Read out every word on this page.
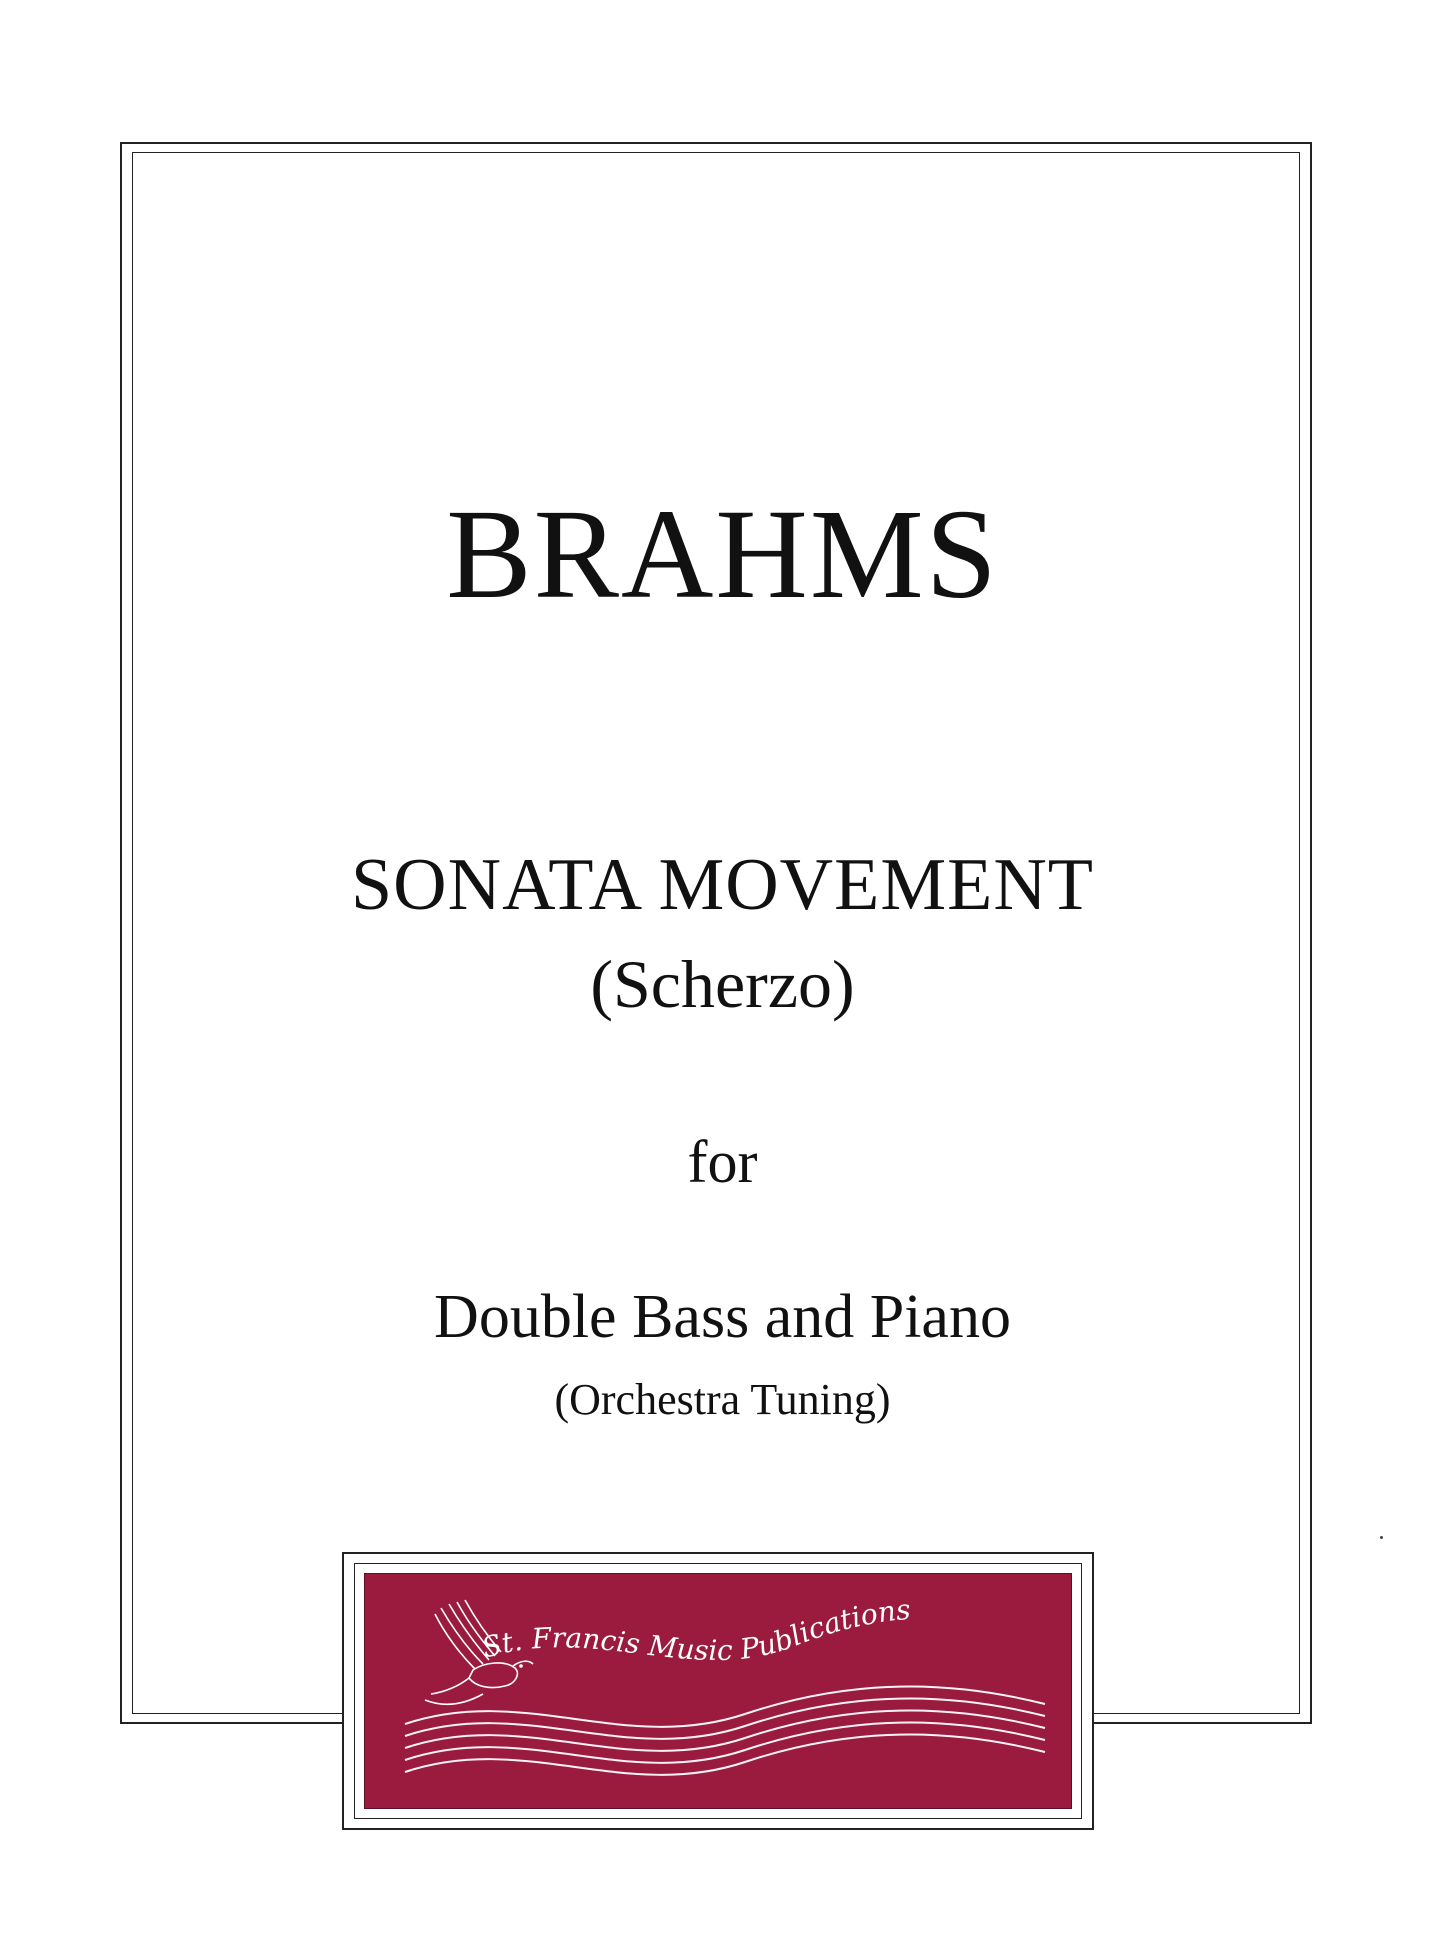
BRAHMS
SONATA MOVEMENT
(Scherzo)
for
Double Bass and Piano
(Orchestra Tuning)
St. Francis Music Publications
